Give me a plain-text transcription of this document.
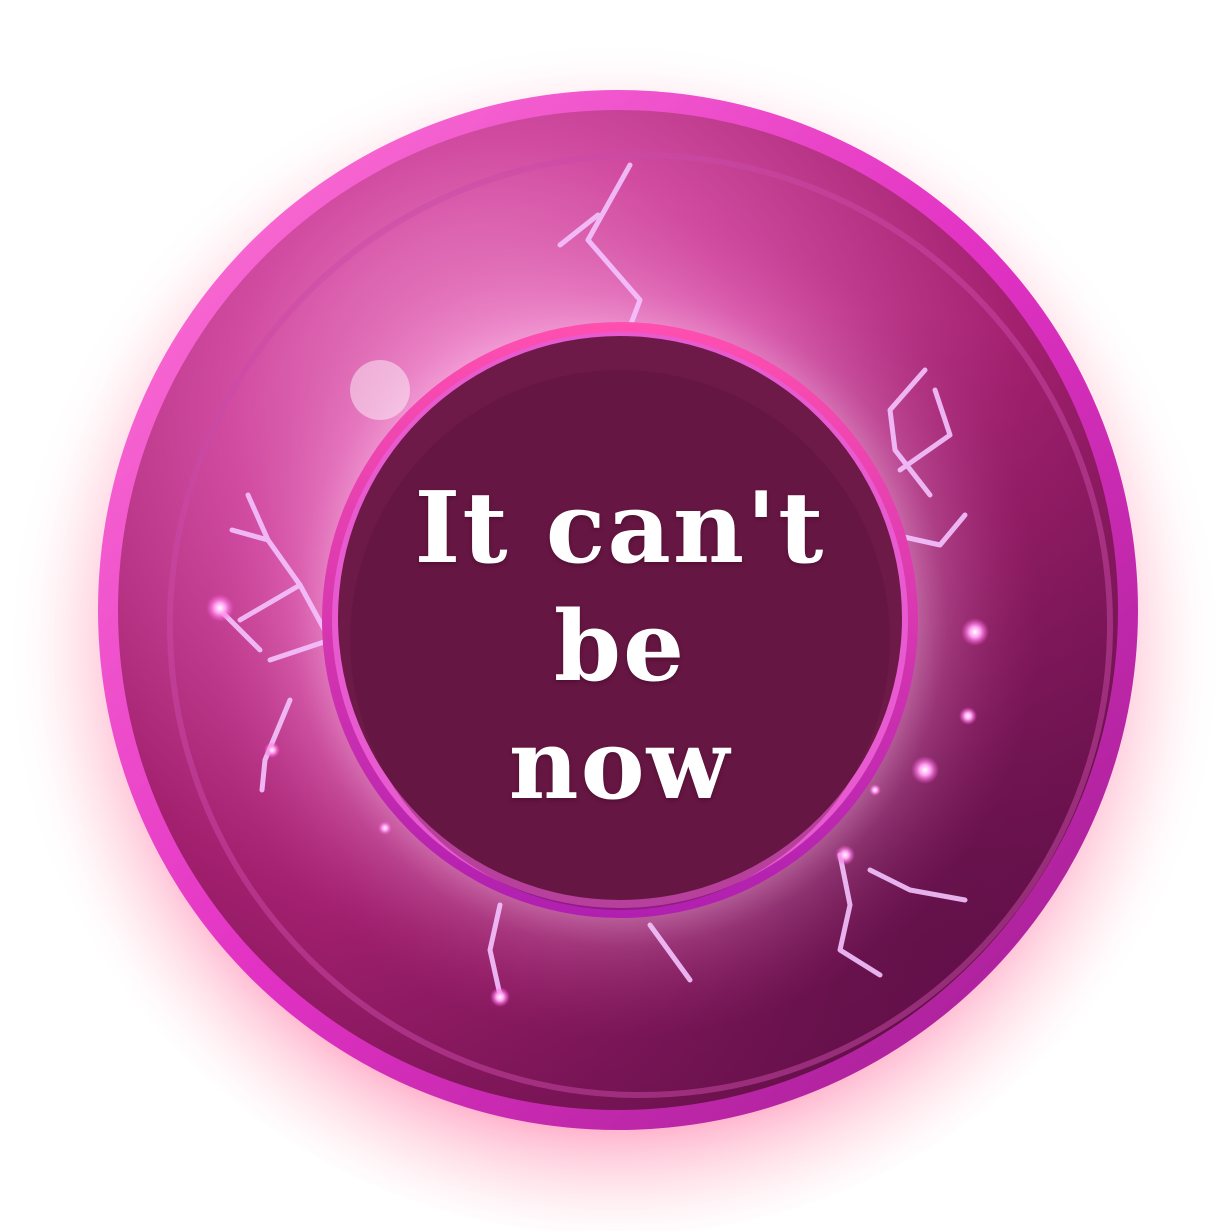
It can't
be
now
